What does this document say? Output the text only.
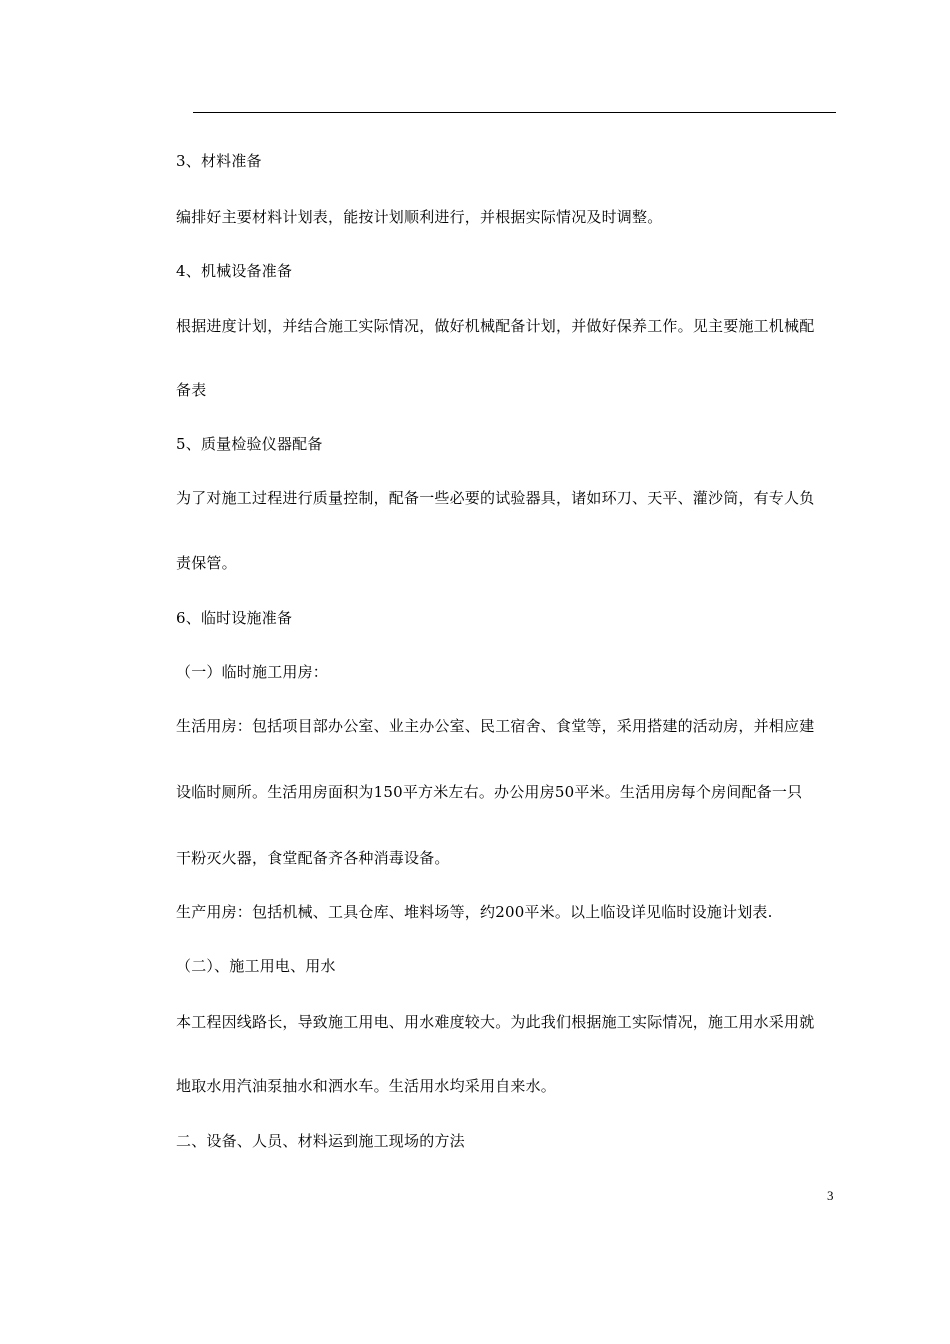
3、材料准备
编排好主要材料计划表，能按计划顺利进行，并根据实际情况及时调整。
4、机械设备准备
根据进度计划，并结合施工实际情况，做好机械配备计划，并做好保养工作。见主要施工机械配
备表
5、质量检验仪器配备
为了对施工过程进行质量控制，配备一些必要的试验器具，诸如环刀、天平、灌沙筒，有专人负
责保管。
6、临时设施准备
（一）临时施工用房：
生活用房：包括项目部办公室、业主办公室、民工宿舍、食堂等，采用搭建的活动房，并相应建
设临时厕所。生活用房面积为150平方米左右。办公用房50平米。生活用房每个房间配备一只
干粉灭火器，食堂配备齐各种消毒设备。
生产用房：包括机械、工具仓库、堆料场等，约200平米。以上临设详见临时设施计划表.
（二）、施工用电、用水
本工程因线路长，导致施工用电、用水难度较大。为此我们根据施工实际情况，施工用水采用就
地取水用汽油泵抽水和洒水车。生活用水均采用自来水。
二、设备、人员、材料运到施工现场的方法
3
